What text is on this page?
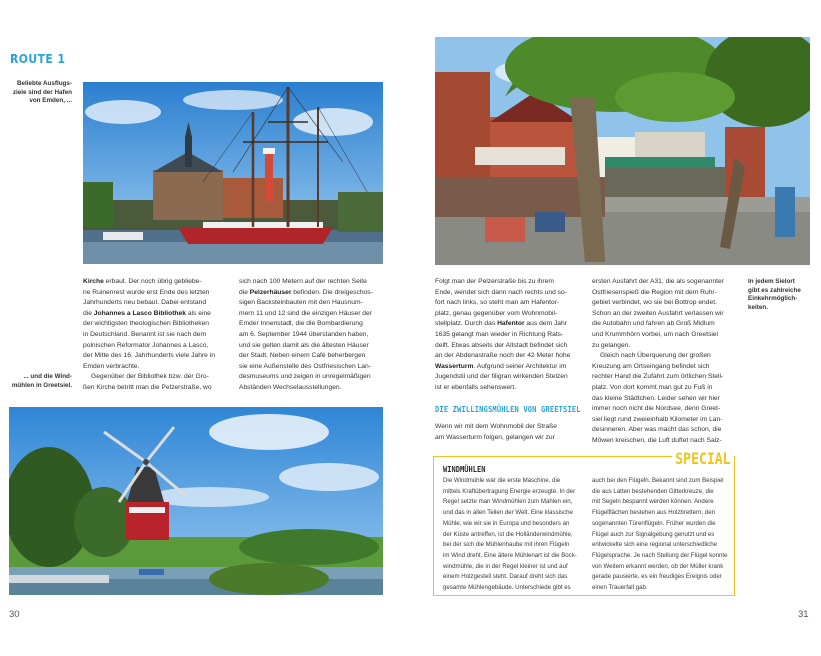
ROUTE 1
Beliebte Ausflugs-
ziele sind der Hafen
von Emden, ...

Kirche erbaut. Der noch übrig gebliebe-

ne Ruinenrest wurde erst Ende des letzten

Jahrhunderts neu bebaut. Dabei entstand

die Johannes a Lasco Bibliothek als eine

der wichtigsten theologischen Bibliotheken

in Deutschland. Benannt ist sie nach dem

polnischen Reformator Johannes a Lasco,

der Mitte des 16. Jahrhunderts viele Jahre in

Emden verbrachte.

Gegenüber der Bibliothek bzw. der Gro-

ßen Kirche betritt man die Pelzerstraße, wo

sich nach 100 Metern auf der rechten Seite

die Pelzerhäuser befinden. Die dreigeschos-

sigen Backsteinbauten mit den Hausnum-

mern 11 und 12 sind die einzigen Häuser der

Emder Innenstadt, die die Bombardierung

am 6. September 1944 überstanden haben,

und sie gelten damit als die ältesten Häuser

der Stadt. Neben einem Café beherbergen

sie eine Außenstelle des Ostfriesischen Lan-

desmuseums und zeigen in unregelmäßigen

Abständen Wechselausstellungen.

... und die Wind-
mühlen in Greetsiel.
30

Folgt man der Pelzerstraße bis zu ihrem

Ende, wendet sich dann nach rechts und so-

fort nach links, so steht man am Hafentor-

platz, genau gegenüber vom Wohnmobil-

stellplatz. Durch das Hafentor aus dem Jahr

1635 gelangt man wieder in Richtung Rats-

delft. Etwas abseits der Altstadt befindet sich

an der Abdenastraße noch der 42 Meter hohe

Wasserturm. Aufgrund seiner Architektur im

Jugendstil und der filigran wirkenden Stelzen

ist er ebenfalls sehenswert.

DIE ZWILLINGSMÜHLEN VON GREETSIEL

Wenn wir mit dem Wohnmobil der Straße

am Wasserturm folgen, gelangen wir zur

ersten Ausfahrt der A31, die als sogenannter

Ostfriesenspieß die Region mit dem Ruhr-

gebiet verbindet, wo sie bei Bottrop endet.

Schon an der zweiten Ausfahrt verlassen wir

die Autobahn und fahren ab Groß Midlum

und Krummhörn vorbei, um nach Greetsiel

zu gelangen.

Gleich nach Überquerung der großen

Kreuzung am Ortseingang befindet sich

rechter Hand die Zufahrt zum örtlichen Stell-

platz. Von dort kommt man gut zu Fuß in

das kleine Städtchen. Leider sehen wir hier

immer noch nicht die Nordsee, denn Greet-

siel liegt rund zweieinhalb Kilometer im Lan-

desinneren. Aber was macht das schon, die

Möwen kreischen, die Luft duftet nach Salz-

In jedem Sielort
gibt es zahlreiche
Einkehrmöglich-
keiten.
SPECIAL
WINDMÜHLEN

Die Windmühle war die erste Maschine, die

mittels Kraftübertragung Energie erzeugte. In der

Regel setzte man Windmühlen zum Mahlen ein,

und das in allen Teilen der Welt. Eine klassische

Mühle, wie wir sie in Europa und besonders an

der Küste antreffen, ist die Holländerwindmühle,

bei der sich die Mühlenhaube mit ihren Flügeln

im Wind dreht. Eine ältere Mühlenart ist die Bock-

windmühle, die in der Regel kleiner ist und auf

einem Holzgestell steht. Darauf dreht sich das

gesamte Mühlengebäude. Unterschiede gibt es

auch bei den Flügeln. Bekannt sind zum Beispiel

die aus Latten bestehenden Gitterkreuze, die

mit Segeln bespannt werden können. Andere

Flügelflächen bestehen aus Holzbrettern, den

sogenannten Türenflügeln. Früher wurden die

Flügel auch zur Signalgebung genutzt und es

entwickelte sich eine regional unterschiedliche

Flügelsprache. Je nach Stellung der Flügel konnte

von Weitem erkannt werden, ob der Müller krank

gerade pausierte, es ein freudiges Ereignis oder

einen Trauerfall gab.

31
